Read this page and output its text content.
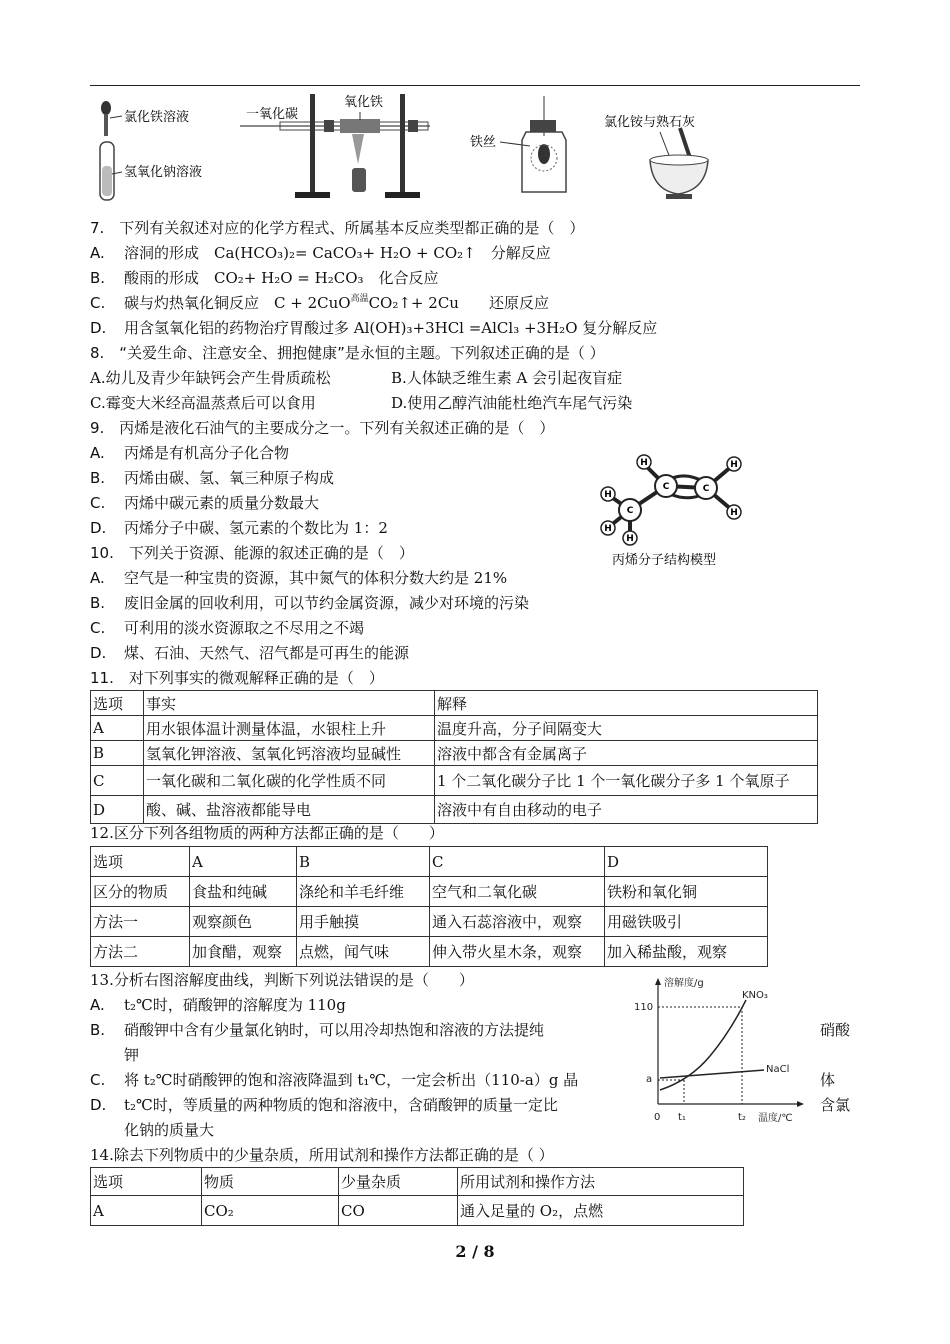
氯化铁溶液
氢氧化钠溶液
一氧化碳
氧化铁
铁丝
氯化铵与熟石灰
7. 下列有关叙述对应的化学方程式、所属基本反应类型都正确的是（ ）
A. 溶洞的形成 Ca(HCO₃)₂= CaCO₃+ H₂O + CO₂↑ 分解反应
B. 酸雨的形成 CO₂+ H₂O = H₂CO₃ 化合反应
C. 碳与灼热氧化铜反应 C + 2CuO$^{高温}$CO₂↑+ 2Cu  还原反应
D. 用含氢氧化铝的药物治疗胃酸过多 Al(OH)₃+3HCl =AlCl₃ +3H₂O 复分解反应
8. “关爱生命、注意安全、拥抱健康”是永恒的主题。下列叙述正确的是（ ）
A.幼儿及青少年缺钙会产生骨质疏松	B.人体缺乏维生素 A 会引起夜盲症
C.霉变大米经高温蒸煮后可以食用	D.使用乙醇汽油能杜绝汽车尾气污染
9. 丙烯是液化石油气的主要成分之一。下列有关叙述正确的是（ ）
A. 丙烯是有机高分子化合物
B. 丙烯由碳、氢、氧三种原子构成
C. 丙烯中碳元素的质量分数最大
D. 丙烯分子中碳、氢元素的个数比为 1：2
C	C
C
H	H
H
H
H
H
丙烯分子结构模型
10. 下列关于资源、能源的叙述正确的是（ ）
A. 空气是一种宝贵的资源，其中氮气的体积分数大约是 21%
B. 废旧金属的回收利用，可以节约金属资源，减少对环境的污染
C. 可利用的淡水资源取之不尽用之不竭
D. 煤、石油、天然气、沼气都是可再生的能源
11. 对下列事实的微观解释正确的是（ ）
选项	事实	解释
A	用水银体温计测量体温，水银柱上升	温度升高，分子间隔变大
B	氢氧化钾溶液、氢氧化钙溶液均显碱性	溶液中都含有金属离子
C	一氧化碳和二氧化碳的化学性质不同	1 个二氧化碳分子比 1 个一氧化碳分子多 1 个氧原子
D	酸、碱、盐溶液都能导电	溶液中有自由移动的电子
12.区分下列各组物质的两种方法都正确的是（  ）
选项	A	B	C	D
区分的物质	食盐和纯碱	涤纶和羊毛纤维	空气和二氧化碳	铁粉和氧化铜
方法一	观察颜色	用手触摸	通入石蕊溶液中，观察	用磁铁吸引
方法二	加食醋，观察	点燃，闻气味	伸入带火星木条，观察	加入稀盐酸，观察
13.分析右图溶解度曲线，判断下列说法错误的是（  ）
A. t₂℃时，硝酸钾的溶解度为 110g
B. 硝酸钾中含有少量氯化钠时，可以用冷却热饱和溶液的方法提纯	硝酸
钾
C. 将 t₂℃时硝酸钾的饱和溶液降温到 t₁℃，一定会析出（110-a）g 晶	体
D. t₂℃时，等质量的两种物质的饱和溶液中，含硝酸钾的质量一定比	含氯
化钠的质量大
溶解度/g
温度/℃
110
a
0 t₁	t₂
KNO₃
NaCl
14.除去下列物质中的少量杂质，所用试剂和操作方法都正确的是（ ）
选项	物质	少量杂质	所用试剂和操作方法
A	CO₂	CO	通入足量的 O₂，点燃
2 / 8
